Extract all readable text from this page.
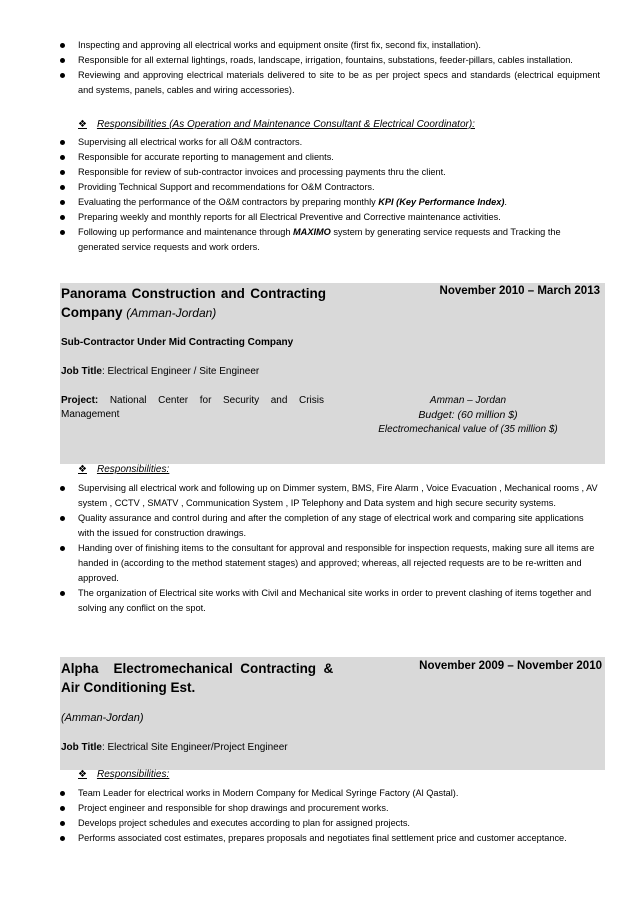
Inspecting and approving all electrical works and equipment onsite (first fix, second fix, installation).
Responsible for all external lightings, roads, landscape, irrigation, fountains, substations, feeder-pillars, cables installation.
Reviewing and approving electrical materials delivered to site to be as per project specs and standards (electrical equipment and systems, panels, cables and wiring accessories).
❖ Responsibilities (As Operation and Maintenance Consultant & Electrical Coordinator):
Supervising all electrical works for all O&M contractors.
Responsible for accurate reporting to management and clients.
Responsible for review of sub-contractor invoices and processing payments thru the client.
Providing Technical Support and recommendations for O&M Contractors.
Evaluating the performance of the O&M contractors by preparing monthly KPI (Key Performance Index).
Preparing weekly and monthly reports for all Electrical Preventive and Corrective maintenance activities.
Following up performance and maintenance through MAXIMO system by generating service requests and Tracking the generated service requests and work orders.
Panorama Construction and Contracting Company (Amman-Jordan)
November 2010 – March 2013
Sub-Contractor Under Mid Contracting Company
Job Title: Electrical Engineer / Site Engineer
Project: National Center for Security and Crisis Management
Amman – Jordan
Budget: (60 million $)
Electromechanical value of (35 million $)
❖ Responsibilities:
Supervising all electrical work and following up on Dimmer system, BMS, Fire Alarm , Voice Evacuation , Mechanical rooms , AV system , CCTV , SMATV , Communication System , IP Telephony and Data system and high secure security systems.
Quality assurance and control during and after the completion of any stage of electrical work and comparing site applications with the issued for construction drawings.
Handing over of finishing items to the consultant for approval and responsible for inspection requests, making sure all items are handed in (according to the method statement stages) and approved; whereas, all rejected requests are to be re-written and approved.
The organization of Electrical site works with Civil and Mechanical site works in order to prevent clashing of items together and solving any conflict on the spot.
Alpha    Electromechanical  Contracting  &
Air Conditioning Est.
November 2009 – November 2010
(Amman-Jordan)
Job Title: Electrical Site Engineer/Project Engineer
❖ Responsibilities:
Team Leader for electrical works in Modern Company for Medical Syringe Factory (Al Qastal).
Project engineer and responsible for shop drawings and procurement works.
Develops project schedules and executes according to plan for assigned projects.
Performs associated cost estimates, prepares proposals and negotiates final settlement price and customer acceptance.
